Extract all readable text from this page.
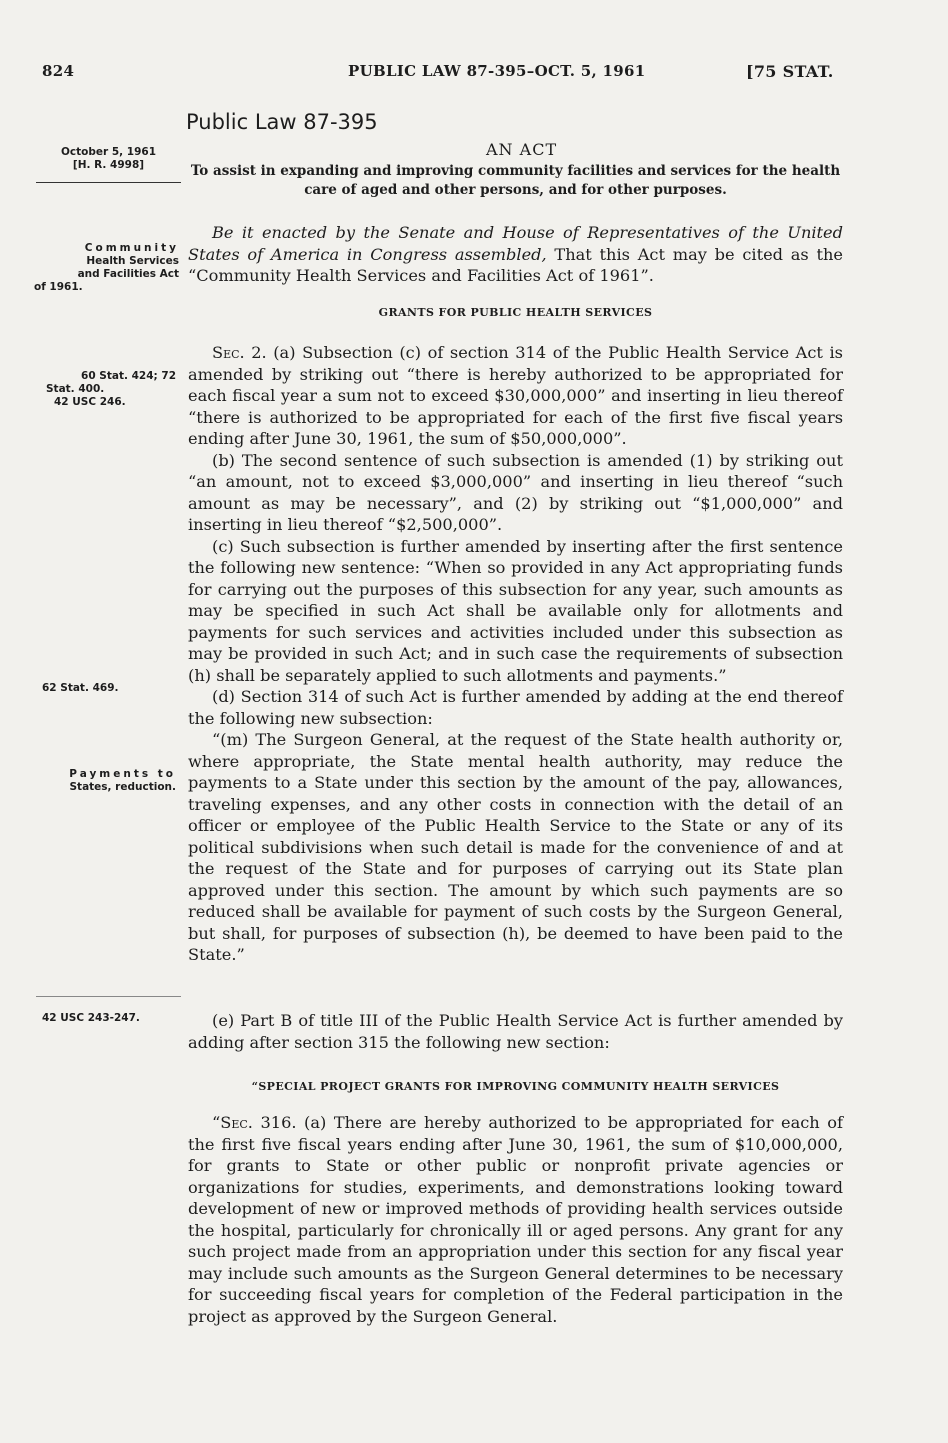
824	PUBLIC LAW 87-395–OCT. 5, 1961	[75 STAT.
Public Law 87-395
AN ACT
To assist in expanding and improving community facilities and services for the health care of aged and other persons, and for other purposes.
October 5, 1961
[H. R. 4998]
Community
Health Services
and Facilities Act
of 1961.
60 Stat. 424; 72
Stat. 400.
42 USC 246.
62 Stat. 469.
Payments to
States, reduction.
42 USC 243-247.

Be it enacted by the Senate and House of Representatives of the United States of America in Congress assembled, That this Act may be cited as the “Community Health Services and Facilities Act of 1961”.

GRANTS FOR PUBLIC HEALTH SERVICES

Sec. 2. (a) Subsection (c) of section 314 of the Public Health Service Act is amended by striking out “there is hereby authorized to be appropriated for each fiscal year a sum not to exceed $30,000,000” and inserting in lieu thereof “there is authorized to be appropriated for each of the first five fiscal years ending after June 30, 1961, the sum of $50,000,000”.

(b) The second sentence of such subsection is amended (1) by striking out “an amount, not to exceed $3,000,000” and inserting in lieu thereof “such amount as may be necessary”, and (2) by striking out “$1,000,000” and inserting in lieu thereof “$2,500,000”.

(c) Such subsection is further amended by inserting after the first sentence the following new sentence: “When so provided in any Act appropriating funds for carrying out the purposes of this subsection for any year, such amounts as may be specified in such Act shall be available only for allotments and payments for such services and activities included under this subsection as may be provided in such Act; and in such case the requirements of subsection (h) shall be separately applied to such allotments and payments.”

(d) Section 314 of such Act is further amended by adding at the end thereof the following new subsection:

“(m) The Surgeon General, at the request of the State health authority or, where appropriate, the State mental health authority, may reduce the payments to a State under this section by the amount of the pay, allowances, traveling expenses, and any other costs in connection with the detail of an officer or employee of the Public Health Service to the State or any of its political subdivisions when such detail is made for the convenience of and at the request of the State and for purposes of carrying out its State plan approved under this section. The amount by which such payments are so reduced shall be available for payment of such costs by the Surgeon General, but shall, for purposes of subsection (h), be deemed to have been paid to the State.”

(e) Part B of title III of the Public Health Service Act is further amended by adding after section 315 the following new section:

“SPECIAL PROJECT GRANTS FOR IMPROVING COMMUNITY HEALTH SERVICES

“Sec. 316. (a) There are hereby authorized to be appropriated for each of the first five fiscal years ending after June 30, 1961, the sum of $10,000,000, for grants to State or other public or nonprofit private agencies or organizations for studies, experiments, and demonstrations looking toward development of new or improved methods of providing health services outside the hospital, particularly for chronically ill or aged persons. Any grant for any such project made from an appropriation under this section for any fiscal year may include such amounts as the Surgeon General determines to be necessary for succeeding fiscal years for completion of the Federal participation in the project as approved by the Surgeon General.
